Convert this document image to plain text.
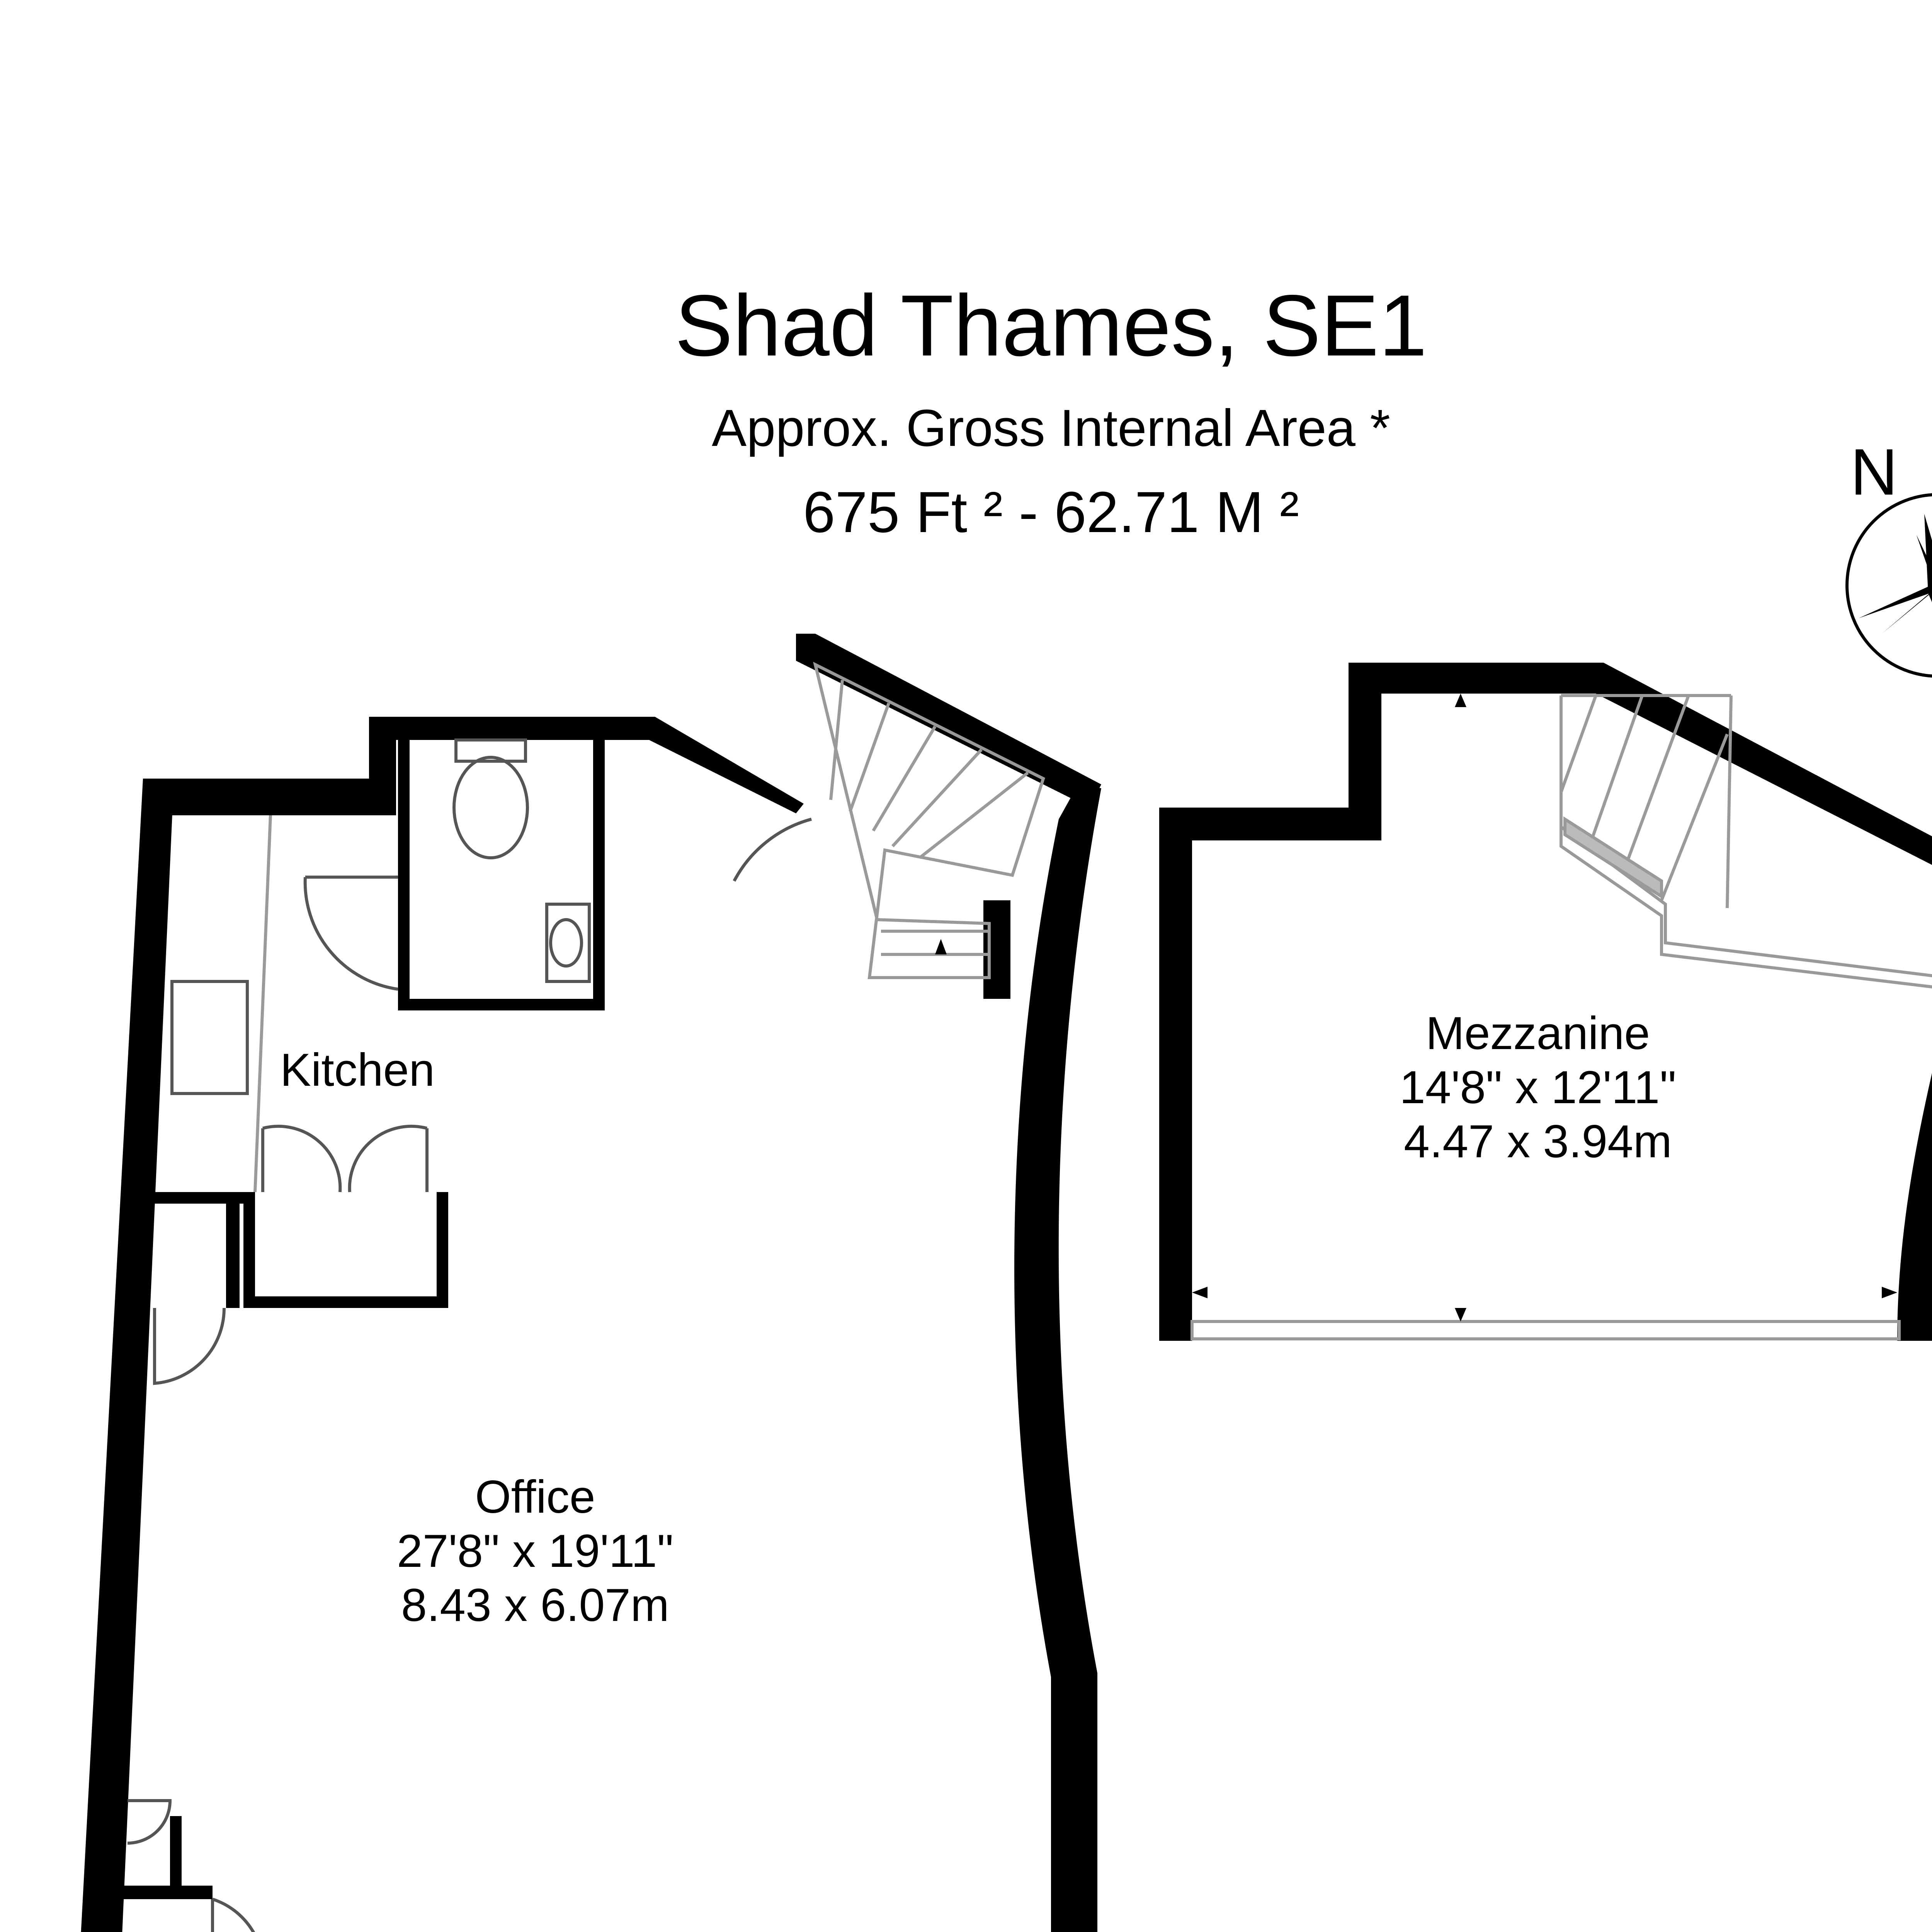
Shad Thames, SE1

Approx. Gross Internal Area *

675 Ft ² - 62.71 M ²

N
Kitchen
Office
27'8" x 19'11"
8.43 x 6.07m
Mezzanine
14'8" x 12'11"
4.47 x 3.94m
